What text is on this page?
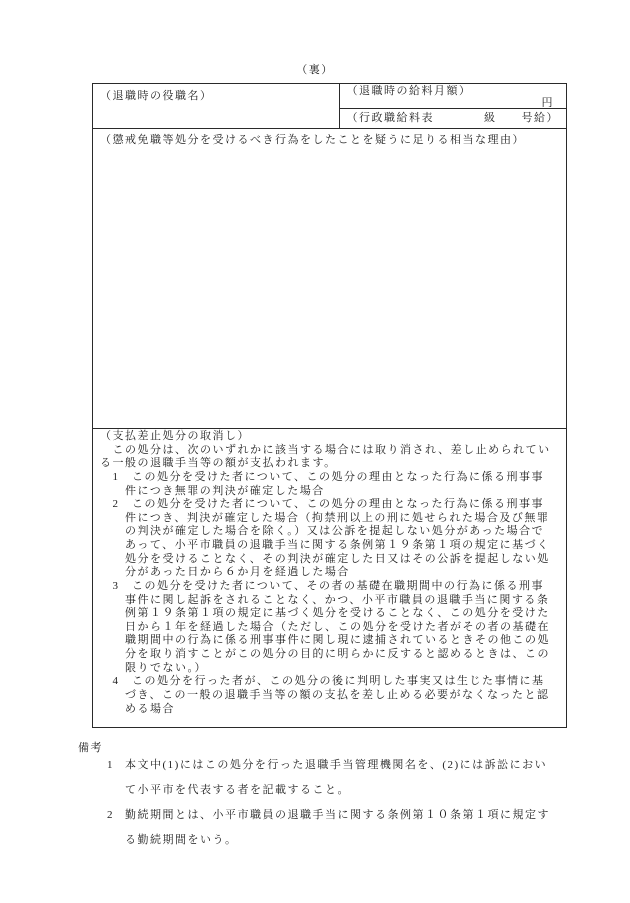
（裏）
（退職時の役職名）	（退職時の給料月額）
円
（行政職給料表　　　　級　　号給）
（懲戒免職等処分を受けるべき行為をしたことを疑うに足りる相当な理由）
（支払差止処分の取消し）
　この処分は、次のいずれかに該当する場合には取り消され、差し止められてい
る一般の退職手当等の額が支払われます。
　1　この処分を受けた者について、この処分の理由となった行為に係る刑事事
　　件につき無罪の判決が確定した場合
　2　この処分を受けた者について、この処分の理由となった行為に係る刑事事
　　件につき、判決が確定した場合（拘禁刑以上の刑に処せられた場合及び無罪
　　の判決が確定した場合を除く。）又は公訴を提起しない処分があった場合で
　　あって、小平市職員の退職手当に関する条例第１９条第１項の規定に基づく
　　処分を受けることなく、その判決が確定した日又はその公訴を提起しない処
　　分があった日から６か月を経過した場合
　3　この処分を受けた者について、その者の基礎在職期間中の行為に係る刑事
　　事件に関し起訴をされることなく、かつ、小平市職員の退職手当に関する条
　　例第１９条第１項の規定に基づく処分を受けることなく、この処分を受けた
　　日から１年を経過した場合（ただし、この処分を受けた者がその者の基礎在
　　職期間中の行為に係る刑事事件に関し現に逮捕されているときその他この処
　　分を取り消すことがこの処分の目的に明らかに反すると認めるときは、この
　　限りでない。）
　4　この処分を行った者が、この処分の後に判明した事実又は生じた事情に基
　　づき、この一般の退職手当等の額の支払を差し止める必要がなくなったと認
　　める場合
備考
1	本文中(1)にはこの処分を行った退職手当管理機関名を、(2)には訴訟におい
て小平市を代表する者を記載すること。
2	勤続期間とは、小平市職員の退職手当に関する条例第１０条第１項に規定す
る勤続期間をいう。
